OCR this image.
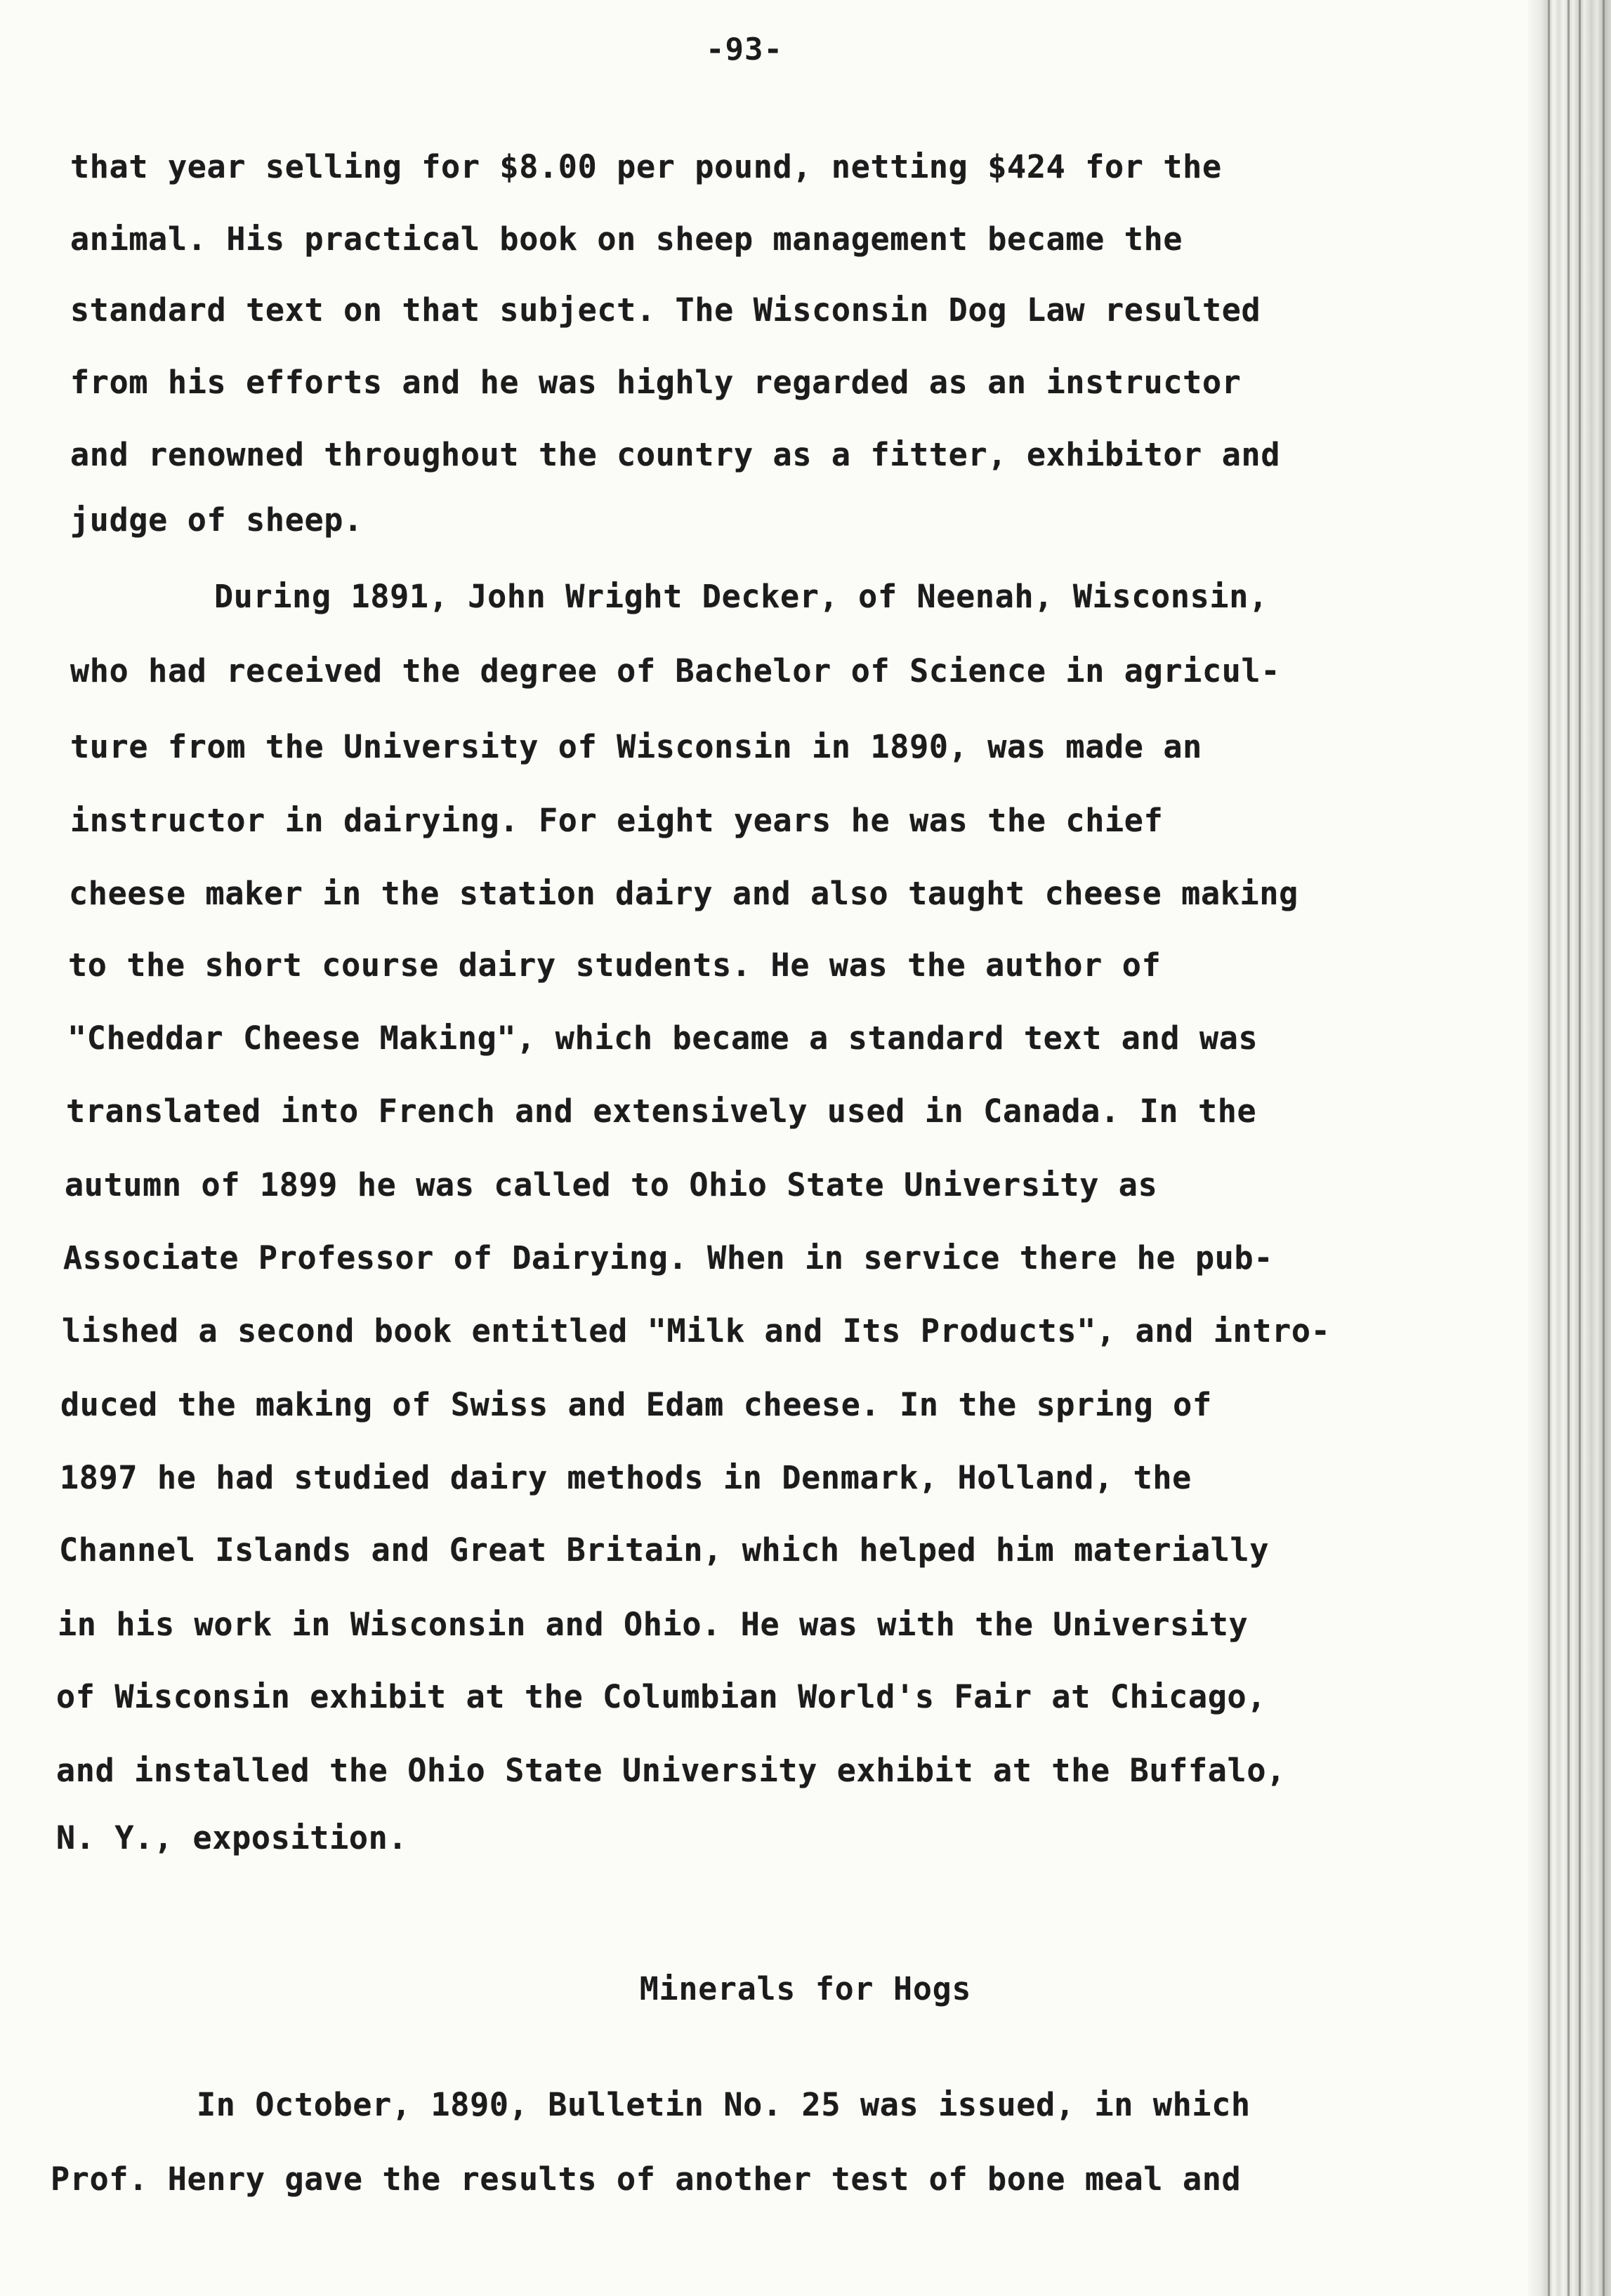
-93-
that year selling for $8.00 per pound, netting $424 for the
animal. His practical book on sheep management became the
standard text on that subject. The Wisconsin Dog Law resulted
from his efforts and he was highly regarded as an instructor
and renowned throughout the country as a fitter, exhibitor and
judge of sheep.
During 1891, John Wright Decker, of Neenah, Wisconsin,
who had received the degree of Bachelor of Science in agricul-
ture from the University of Wisconsin in 1890, was made an
instructor in dairying. For eight years he was the chief
cheese maker in the station dairy and also taught cheese making
to the short course dairy students. He was the author of
"Cheddar Cheese Making", which became a standard text and was
translated into French and extensively used in Canada. In the
autumn of 1899 he was called to Ohio State University as
Associate Professor of Dairying. When in service there he pub-
lished a second book entitled "Milk and Its Products", and intro-
duced the making of Swiss and Edam cheese. In the spring of
1897 he had studied dairy methods in Denmark, Holland, the
Channel Islands and Great Britain, which helped him materially
in his work in Wisconsin and Ohio. He was with the University
of Wisconsin exhibit at the Columbian World's Fair at Chicago,
and installed the Ohio State University exhibit at the Buffalo,
N. Y., exposition.
Minerals for Hogs
In October, 1890, Bulletin No. 25 was issued, in which
Prof. Henry gave the results of another test of bone meal and
